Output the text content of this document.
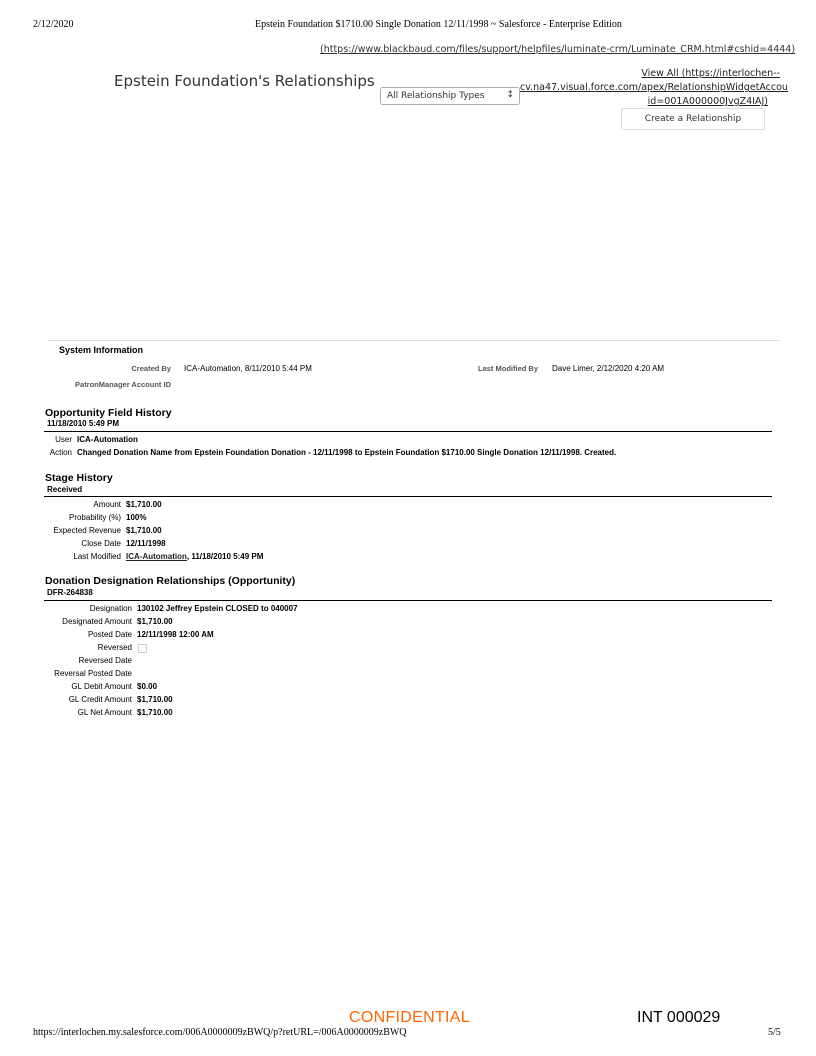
2/12/2020	Epstein Foundation $1710.00 Single Donation 12/11/1998 ~ Salesforce - Enterprise Edition
(https://www.blackbaud.com/files/support/helpfiles/luminate-crm/Luminate_CRM.html#cshid=4444)
Epstein Foundation's Relationships
All Relationship Types ↕
View All (https://interlochen--
cv.na47.visual.force.com/apex/RelationshipWidgetAccou
id=001A000000JvgZ4IAJ)
Create a Relationship
System Information
Created By ICA-Automation, 8/11/2010 5:44 PM	Last Modified By Dave Limer, 2/12/2020 4:20 AM
PatronManager Account ID
Opportunity Field History
11/18/2010 5:49 PM
User ICA-Automation
Action Changed Donation Name from Epstein Foundation Donation - 12/11/1998 to Epstein Foundation $1710.00 Single Donation 12/11/1998. Created.
Stage History
Received
Amount $1,710.00
Probability (%) 100%
Expected Revenue $1,710.00
Close Date 12/11/1998
Last Modified ICA-Automation, 11/18/2010 5:49 PM
Donation Designation Relationships (Opportunity)
DFR-264838
Designation 130102 Jeffrey Epstein CLOSED to 040007
Designated Amount $1,710.00
Posted Date 12/11/1998 12:00 AM
Reversed
Reversed Date
Reversal Posted Date
GL Debit Amount $0.00
GL Credit Amount $1,710.00
GL Net Amount $1,710.00
CONFIDENTIAL	INT 000029
https://interlochen.my.salesforce.com/006A0000009zBWQ/p?retURL=/006A0000009zBWQ	5/5
